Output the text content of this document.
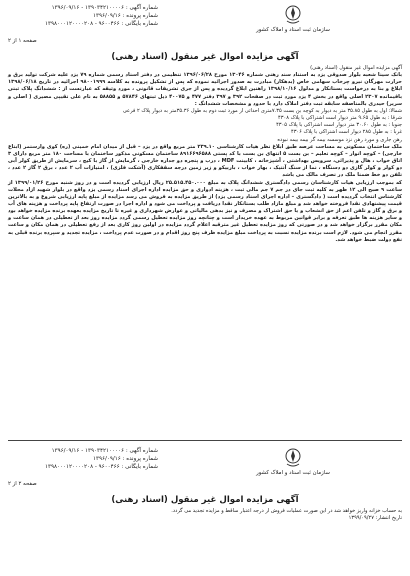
شماره آگهی : ۱۳۹۰۳۴۲۱۰۰۰۰۶ - ۱۳۹۶/۰۹/۱۶
شماره پرونده : ۱۳۹۶/۰۹/۱۶
شماره بایگانی : ۹۶۰۰۴۶۶ - ۱۳۹۸۰۰۰۱۲۰۰۰۰۲۰۸
سازمان ثبت اسناد و املاک کشور
صفحه ۱ از ۲
آگهی مزایده اموال غیر منقول (اسناد رهنی)

آگهی مزایده اموال غیر منقول (اسناد رهنی)

بانک سینا شعبه بلوار صدوقی یزد به استناد سند رهنی شماره ۱۳۰۴۶ مورخ ۱۳۹۶/۰۶/۲۸ تنظیمی در دفتر اسناد رسمی شماره ۷۹ یزد علیه شرکت تولید برق و حرارت مهرگان نیرو چرخاب سهامی خاص (بدهکار) مبادرت به صدور اجرائیه نموده که پس از تشکیل پرونده به کلاسه ۹۸۰۰۱۹۹۹ اجرائیه در تاریخ ۱۳۹۸/۰۶/۱۸ ابلاغ و بنا به درخواست بستانکار و مدلول ۱۳۹۸/۱۰/۱۶ راهنین ابلاغ گردیده و پس از جری تشریفات قانونی ، مورد وثیقه که عبارتست از : ششدانگ پلاک ثبتی باقیمانده ۲۳۰۷ اصلی واقع در بخش ۴ یزد مورد ثبت در صفحات ۳۹۲ و ۳۹۷ دفتر ۴۷۷ و ۴۰۰۷۵ ذیل ثبتهای ۵۷۸۴۶ و ۵۸۸۵۵ به نام علی تقیپی مصیری ( اصلی و سریر) حیدری بالمناصفه سابقه ثبت دفتر املاک دارد با حدود و مشخصات ششدانگ :

شمالا: اول به طول ۳۵.۸۵ متر به دیوار به کوچه بن بست ۷.۳۵متری احداثی از مورد ثبت دوم به طول ۳۵.۳۶متر به دیوار پلاک ۲ فرعی

شرقا : به طول ۹.۶۵ متر دیوار است اشتراکی با پلاک ۴۳۰۸

جنوبا : به طول ۳۰.۶۰ متر دیوار است اشتراکی با پلاک ۴۳۰۵

غربا : به طول ۲۸۵ دیوار است اشتراکی با پلاک ۴۳۰۶

رهن جاری و مورد رهن نزد موسسه بیمه گر بیمه بیمه نبوده

ملک ساختمان مسکونی به مساحت عرصه طبق ابلاغ نظر هیات کارشناسی ۲۳۹.۱۰ متر مربع واقع در یزد – قبل از میدان امام خمینی (ره) کوی وارستمر (ابتاع خارجی) – کوچه انوار – کوچه تعلیم – بن بست ۵ انتهای بن بست با کد پستی ۸۹۱۶۶۹۶۵۸۸ ساختمان مسکونی مذکور ساختمان با مساحت ۱۸۰ متر مربع دارای ۳ اتاق خواب ، هال و پذیرائی، سرویس بهداشتی ، آشپزخانه ، کابینت MDF ، درب و پنجره دو جداره خارجی ، گرمایش از گاز با کیج ، سرمایش از طریق کولر آبی دو کولر و کولر گازی دو دستگاه ، نما از سنگ آنتیک ، بهار خواب ، باربیکو و زیر زمین درجه سقفکاری (آشکت فلزی) ، امتیازات آب ۲ عدد ، برق ۲ گاز ۲ عدد ، تلفن دو خط ضمنا ملک در تصرف مالک می باشد

که بموجب ارزیابی هیات کارشناسان رسمی دادگستری ششدانگ پلاک به مبلغ ۲۵.۵۱۵.۴۵۰.۰۰۰ ریال ارزیابی گردیده است و در روز شنبه مورخ ۱۳۹۹/۰۱/۲۶ از ساعت ۹ صبح الی ۱۲ ظهر به کلیه ثبت جای در جم ۷ جم مالی ثبت ، هزینه ادواری و حق مزایده اداره اجرای اسناد رسمی یزد واقع در بلوار شهید ازاد محلات کارشناس انتخاب گردیده است ( دادگستری – اداره اجرای اسناد رسمی یزد) از طریق مزایده به فروش می رسد مزایده از مبلغ پایه ارزیابی شروع و به بالاترین قیمت پیشنهادی نقدا فروخته خواهد شد و مبلغ مازاد طلب بستانکار نقدا دریافت و پرداخت می شود و اداره اجرا در صورت ارتفاع پایه پرداخت و هزینه های آب و برق و گاز و تلفن اعم از حق انشعاب و یا حق اشتراک و مصرف و نیز بدهی مالیاتی و عوارض شهرداری و غیره تا تاریخ مزایده بعهده برنده مزایده خواهد بود و سایر هزینه ها طبق تعرفه و برابر قوانین مربوط به عهده خریدار است و چنانچه روز مزایده تعطیل رسمی گردد مزایده روز بعد از تعطیلی در همان ساعت و مکان مقرر برگزار خواهد شد و در صورتی که روز مزایده تعطیل غیر مترقبه اعلام گردد مزایده در اولین روز کاری بعد از رفع تعطیلی در همان مکان و ساعت مقرر انجام می شود. لازم است برنده مزایده نسبت به پرداخت مبلغ مزایده ظرف پنج روز اقدام و در صورت عدم پرداخت ، مزایده تجدید و سپرده برنده قبلی به نفع دولت ضبط خواهد شد.

شماره آگهی : ۱۳۹۰۳۴۲۱۰۰۰۰۶ - ۱۳۹۶/۰۹/۱۶
شماره پرونده : ۱۳۹۶/۰۹/۱۶
شماره بایگانی : ۹۶۰۰۴۶۶ - ۱۳۹۸۰۰۰۱۲۰۰۰۰۲۰۸
سازمان ثبت اسناد و املاک کشور
صفحه ۲ از ۲
آگهی مزایده اموال غیر منقول (اسناد رهنی)

به حساب خزانه واریز خواهد شد در این صورت عملیات فروش از درجه اعتبار ساقط و مزایده تجدید می گردد.

تاریخ انتشار: ۱۳۹۹/۰۹/۲۷
